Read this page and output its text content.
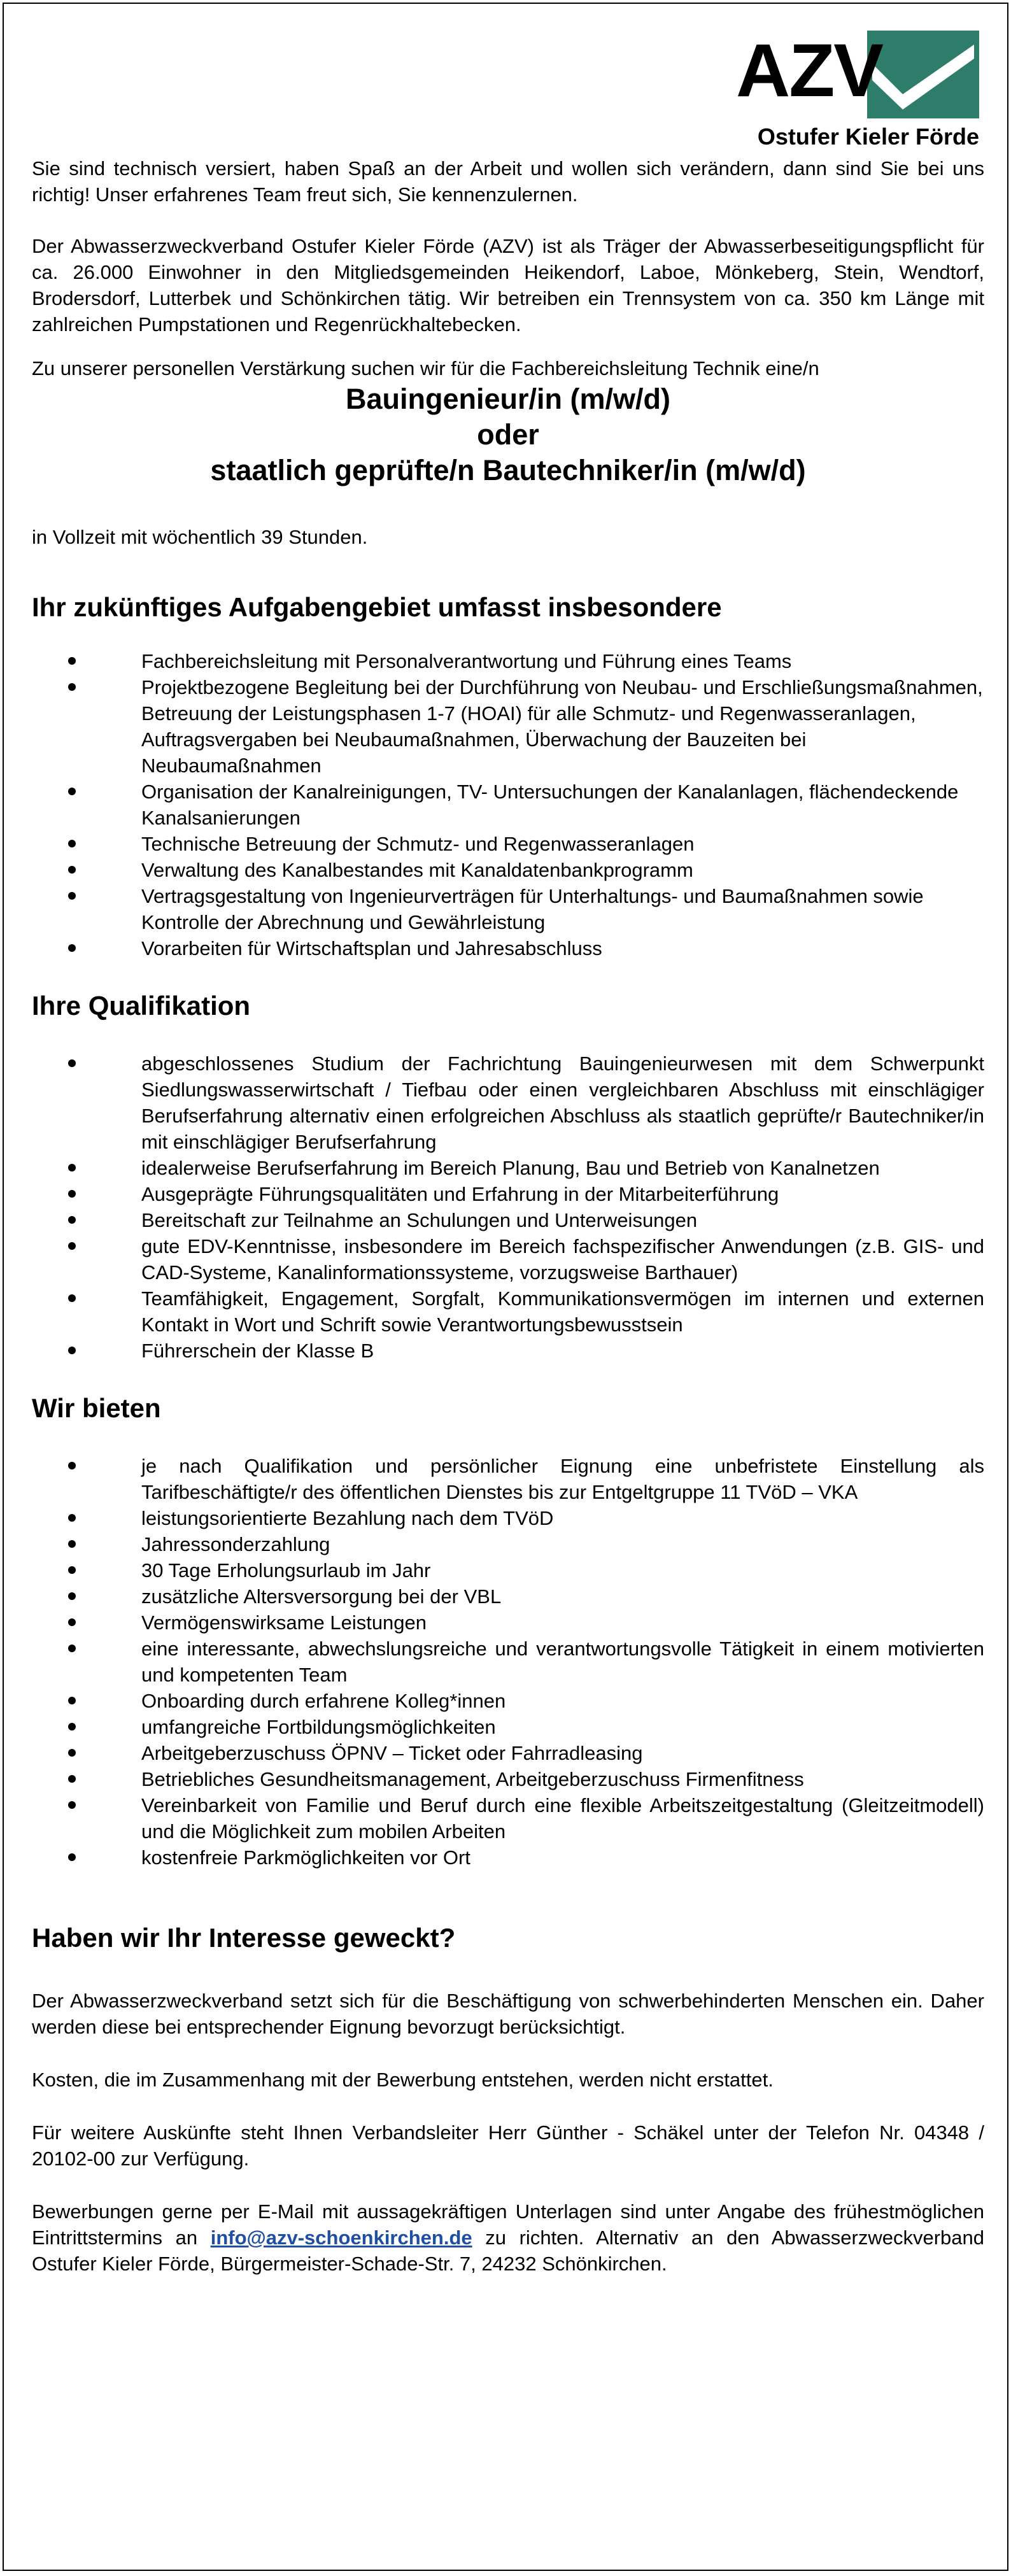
AZV
Ostufer Kieler Förde

Sie sind technisch versiert, haben Spaß an der Arbeit und wollen sich verändern, dann sind Sie bei uns richtig! Unser erfahrenes Team freut sich, Sie kennenzulernen.

Der Abwasserzweckverband Ostufer Kieler Förde (AZV) ist als Träger der Abwasserbeseitigungspflicht für ca. 26.000 Einwohner in den Mitgliedsgemeinden Heikendorf, Laboe, Mönkeberg, Stein, Wendtorf, Brodersdorf, Lutterbek und Schönkirchen tätig. Wir betreiben ein Trennsystem von ca. 350 km Länge mit zahlreichen Pumpstationen und Regenrückhaltebecken.

Zu unserer personellen Verstärkung suchen wir für die Fachbereichsleitung Technik eine/n

Bauingenieur/in (m/w/d)
oder
staatlich geprüfte/n Bautechniker/in (m/w/d)

in Vollzeit mit wöchentlich 39 Stunden.

Ihr zukünftiges Aufgabengebiet umfasst insbesondere
Fachbereichsleitung mit Personalverantwortung und Führung eines Teams
Projektbezogene Begleitung bei der Durchführung von Neubau- und Erschließungsmaßnahmen, Betreuung der Leistungsphasen 1-7 (HOAI) für alle Schmutz- und Regenwasseranlagen, Auftragsvergaben bei Neubaumaßnahmen, Überwachung der Bauzeiten bei Neubaumaßnahmen
Organisation der Kanalreinigungen, TV- Untersuchungen der Kanalanlagen, flächendeckende Kanalsanierungen
Technische Betreuung der Schmutz- und Regenwasseranlagen
Verwaltung des Kanalbestandes mit Kanaldatenbankprogramm
Vertragsgestaltung von Ingenieurverträgen für Unterhaltungs- und Baumaßnahmen sowie Kontrolle der Abrechnung und Gewährleistung
Vorarbeiten für Wirtschaftsplan und Jahresabschluss
Ihre Qualifikation
abgeschlossenes Studium der Fachrichtung Bauingenieurwesen mit dem Schwerpunkt Siedlungswasserwirtschaft / Tiefbau oder einen vergleichbaren Abschluss mit einschlägiger Berufserfahrung alternativ einen erfolgreichen Abschluss als staatlich geprüfte/r Bautechniker/in mit einschlägiger Berufserfahrung
idealerweise Berufserfahrung im Bereich Planung, Bau und Betrieb von Kanalnetzen
Ausgeprägte Führungsqualitäten und Erfahrung in der Mitarbeiterführung
Bereitschaft zur Teilnahme an Schulungen und Unterweisungen
gute EDV-Kenntnisse, insbesondere im Bereich fachspezifischer Anwendungen (z.B. GIS- und CAD-Systeme, Kanalinformationssysteme, vorzugsweise Barthauer)
Teamfähigkeit, Engagement, Sorgfalt, Kommunikationsvermögen im internen und externen Kontakt in Wort und Schrift sowie Verantwortungsbewusstsein
Führerschein der Klasse B
Wir bieten
je nach Qualifikation und persönlicher Eignung eine unbefristete Einstellung als Tarifbeschäftigte/r des öffentlichen Dienstes bis zur Entgeltgruppe 11 TVöD – VKA
leistungsorientierte Bezahlung nach dem TVöD
Jahressonderzahlung
30 Tage Erholungsurlaub im Jahr
zusätzliche Altersversorgung bei der VBL
Vermögenswirksame Leistungen
eine interessante, abwechslungsreiche und verantwortungsvolle Tätigkeit in einem motivierten und kompetenten Team
Onboarding durch erfahrene Kolleg*innen
umfangreiche Fortbildungsmöglichkeiten
Arbeitgeberzuschuss ÖPNV – Ticket oder Fahrradleasing
Betriebliches Gesundheitsmanagement, Arbeitgeberzuschuss Firmenfitness
Vereinbarkeit von Familie und Beruf durch eine flexible Arbeitszeitgestaltung (Gleitzeitmodell) und die Möglichkeit zum mobilen Arbeiten
kostenfreie Parkmöglichkeiten vor Ort
Haben wir Ihr Interesse geweckt?

Der Abwasserzweckverband setzt sich für die Beschäftigung von schwerbehinderten Menschen ein. Daher werden diese bei entsprechender Eignung bevorzugt berücksichtigt.

Kosten, die im Zusammenhang mit der Bewerbung entstehen, werden nicht erstattet.

Für weitere Auskünfte steht Ihnen Verbandsleiter Herr Günther - Schäkel unter der Telefon Nr. 04348 / 20102-00 zur Verfügung.

Bewerbungen gerne per E-Mail mit aussagekräftigen Unterlagen sind unter Angabe des frühestmöglichen Eintrittstermins an info@azv-schoenkirchen.de zu richten. Alternativ an den Abwasserzweckverband Ostufer Kieler Förde, Bürgermeister-Schade-Str. 7, 24232 Schönkirchen.
